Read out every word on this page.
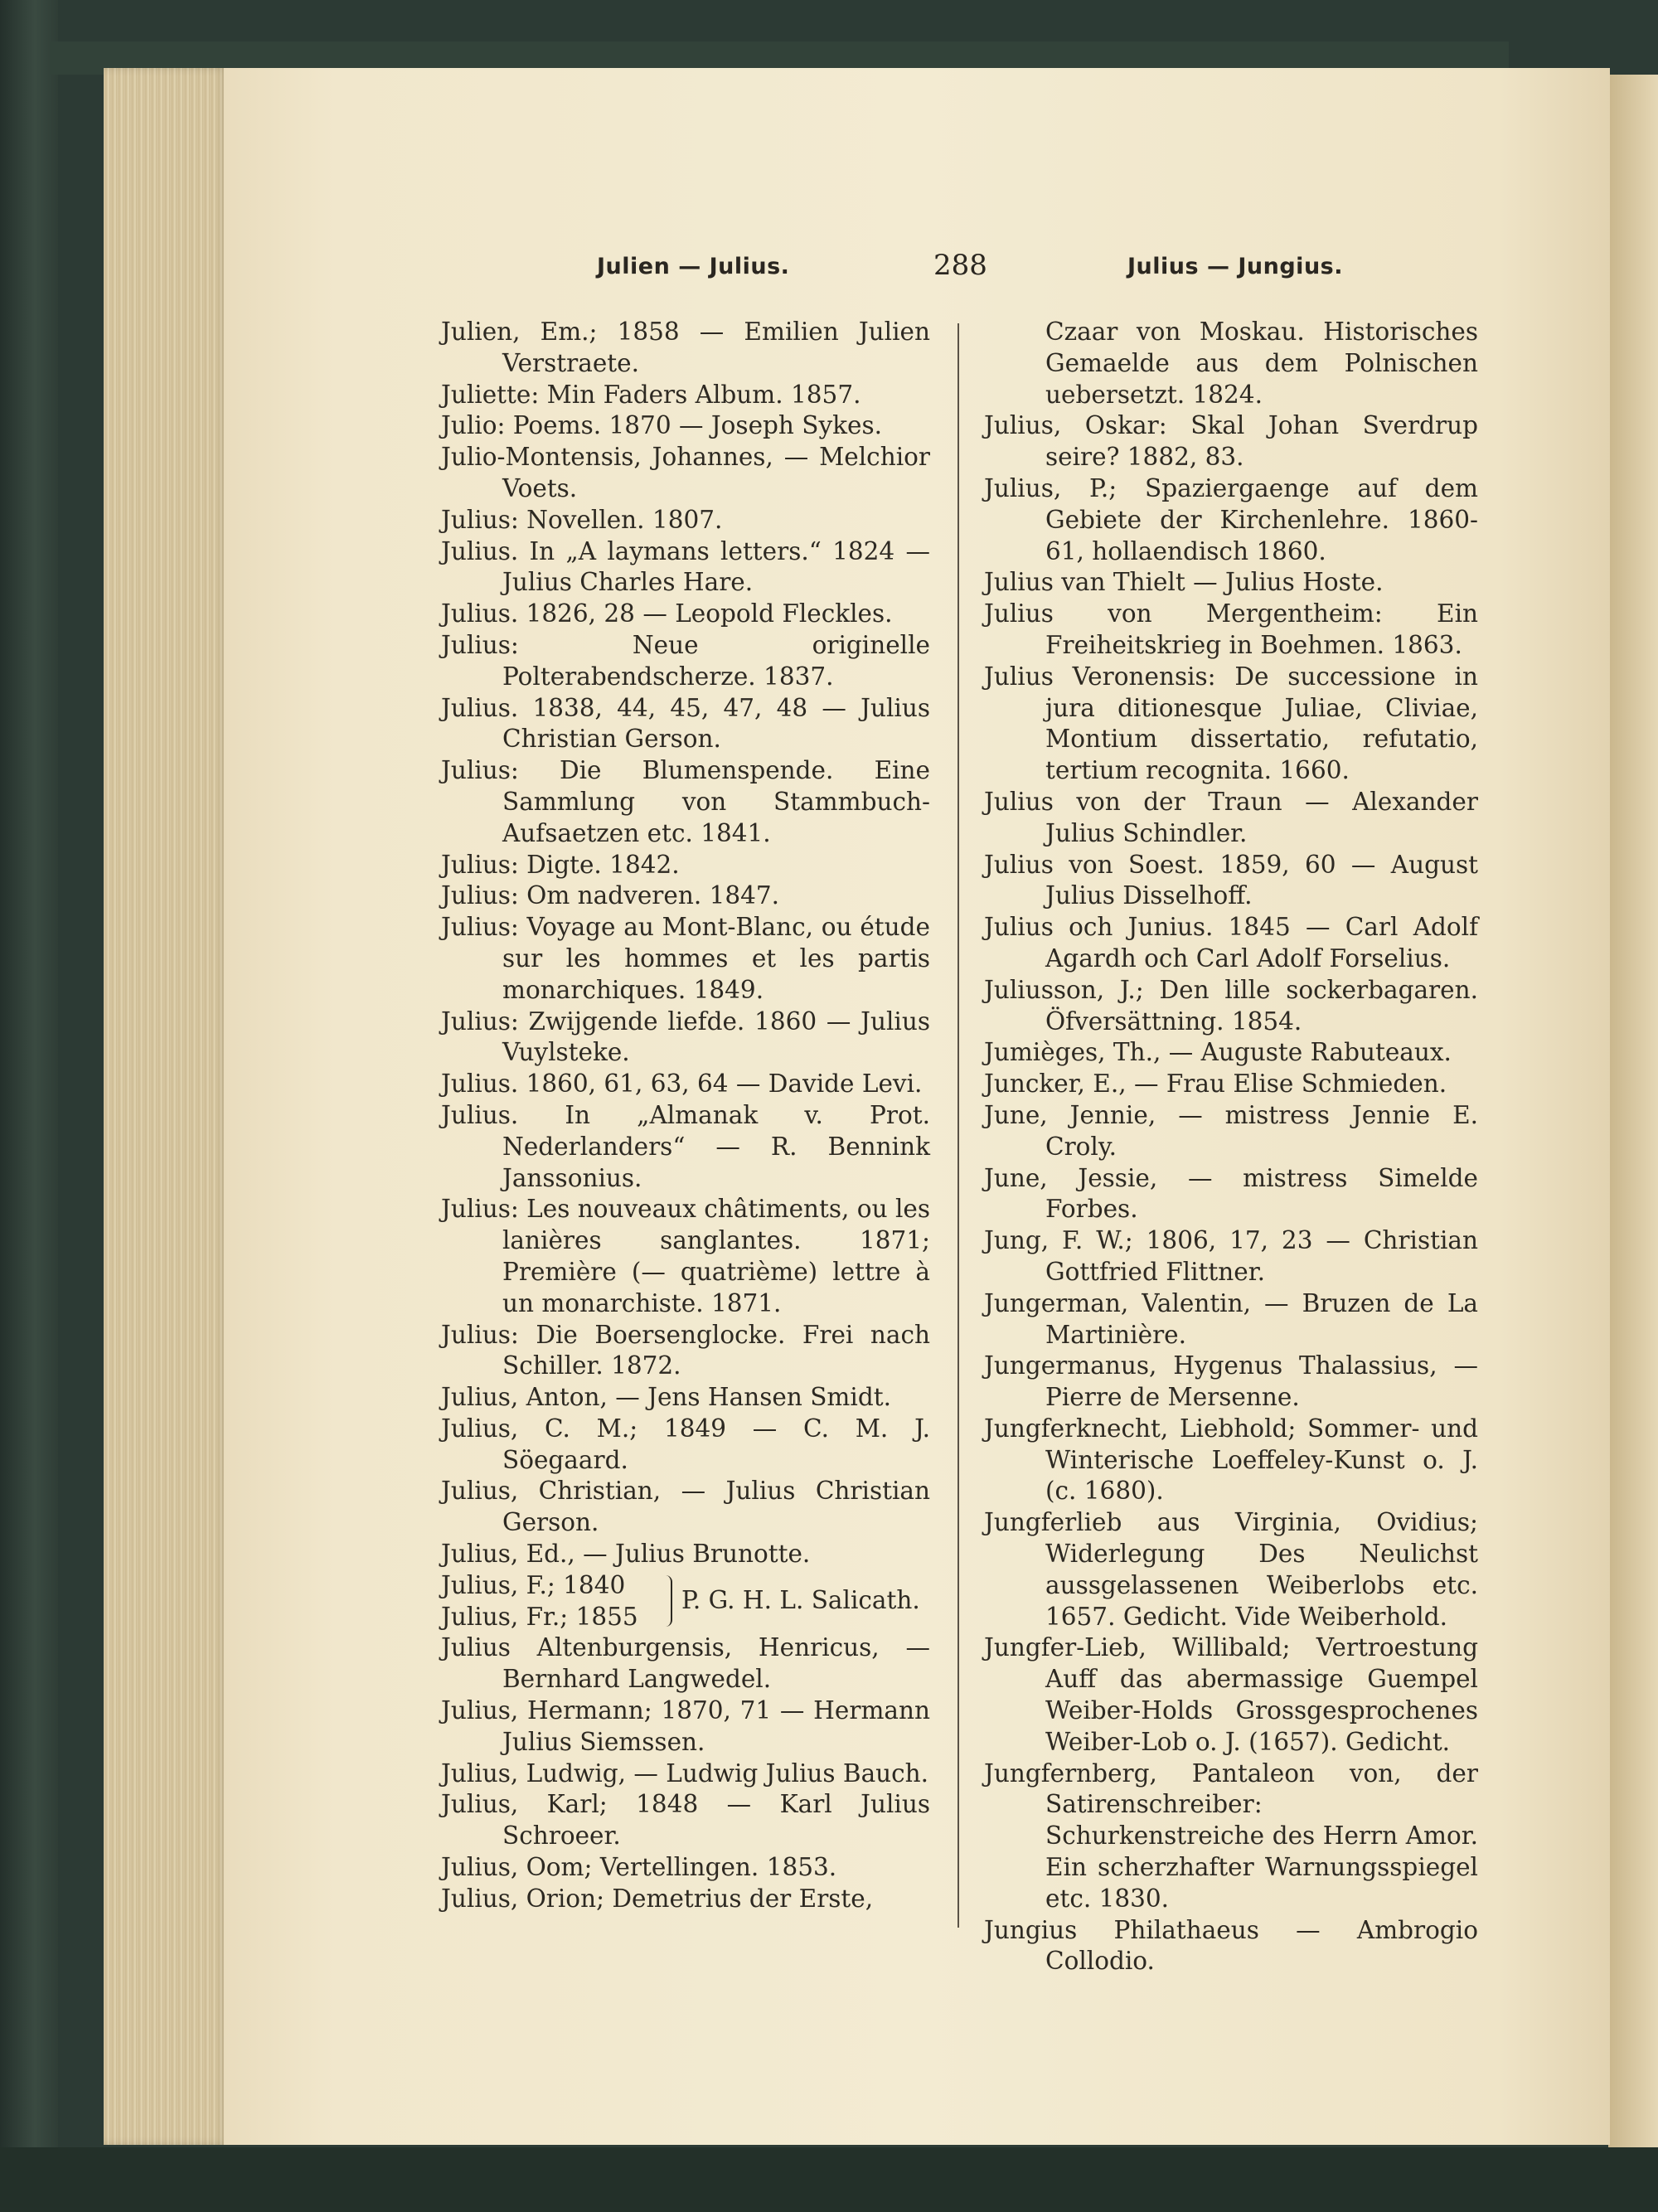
Julien — Julius.	288	Julius — Jungius.
Julien, Em.; 1858 — Emilien Julien Verstraete.
Juliette: Min Faders Album. 1857.
Julio: Poems. 1870 — Joseph Sykes.
Julio-Montensis, Johannes, — Melchior Voets.
Julius: Novellen. 1807.
Julius. In „A laymans letters.“ 1824 — Julius Charles Hare.
Julius. 1826, 28 — Leopold Fleckles.
Julius: Neue originelle Polterabendscherze. 1837.
Julius. 1838, 44, 45, 47, 48 — Julius Christian Gerson.
Julius: Die Blumenspende. Eine Sammlung von Stammbuch-Aufsaetzen etc. 1841.
Julius: Digte. 1842.
Julius: Om nadveren. 1847.
Julius: Voyage au Mont-Blanc, ou étude sur les hommes et les partis monarchiques. 1849.
Julius: Zwijgende liefde. 1860 — Julius Vuylsteke.
Julius. 1860, 61, 63, 64 — Davide Levi.
Julius. In „Almanak v. Prot. Nederlanders“ — R. Bennink Janssonius.
Julius: Les nouveaux châtiments, ou les lanières sanglantes. 1871; Première (— quatrième) lettre à un monarchiste. 1871.
Julius: Die Boersenglocke. Frei nach Schiller. 1872.
Julius, Anton, — Jens Hansen Smidt.
Julius, C. M.; 1849 — C. M. J. Söegaard.
Julius, Christian, — Julius Christian Gerson.
Julius, Ed., — Julius Brunotte.
Julius, F.; 1840
Julius, Fr.; 1855
P. G. H. L. Salicath.
Julius Altenburgensis, Henricus, — Bernhard Langwedel.
Julius, Hermann; 1870, 71 — Hermann Julius Siemssen.
Julius, Ludwig, — Ludwig Julius Bauch.
Julius, Karl; 1848 — Karl Julius Schroeer.
Julius, Oom; Vertellingen. 1853.
Julius, Orion; Demetrius der Erste,
Czaar von Moskau. Historisches Gemaelde aus dem Polnischen uebersetzt. 1824.
Julius, Oskar: Skal Johan Sverdrup seire? 1882, 83.
Julius, P.; Spaziergaenge auf dem Gebiete der Kirchenlehre. 1860-61, hollaendisch 1860.
Julius van Thielt — Julius Hoste.
Julius von Mergentheim: Ein Freiheitskrieg in Boehmen. 1863.
Julius Veronensis: De successione in jura ditionesque Juliae, Cliviae, Montium dissertatio, refutatio, tertium recognita. 1660.
Julius von der Traun — Alexander Julius Schindler.
Julius von Soest. 1859, 60 — August Julius Disselhoff.
Julius och Junius. 1845 — Carl Adolf Agardh och Carl Adolf Forselius.
Juliusson, J.; Den lille sockerbagaren. Öfversättning. 1854.
Jumièges, Th., — Auguste Rabuteaux.
Juncker, E., — Frau Elise Schmieden.
June, Jennie, — mistress Jennie E. Croly.
June, Jessie, — mistress Simelde Forbes.
Jung, F. W.; 1806, 17, 23 — Christian Gottfried Flittner.
Jungerman, Valentin, — Bruzen de La Martinière.
Jungermanus, Hygenus Thalassius, — Pierre de Mersenne.
Jungferknecht, Liebhold; Sommer- und Winterische Loeffeley-Kunst o. J. (c. 1680).
Jungferlieb aus Virginia, Ovidius; Widerlegung Des Neulichst aussgelassenen Weiberlobs etc. 1657. Gedicht. Vide Weiberhold.
Jungfer-Lieb, Willibald; Vertroestung Auff das abermassige Guempel Weiber-Holds Grossgesprochenes Weiber-Lob o. J. (1657). Gedicht.
Jungfernberg, Pantaleon von, der Satirenschreiber: Schurkenstreiche des Herrn Amor. Ein scherzhafter Warnungsspiegel etc. 1830.
Jungius Philathaeus — Ambrogio Collodio.
